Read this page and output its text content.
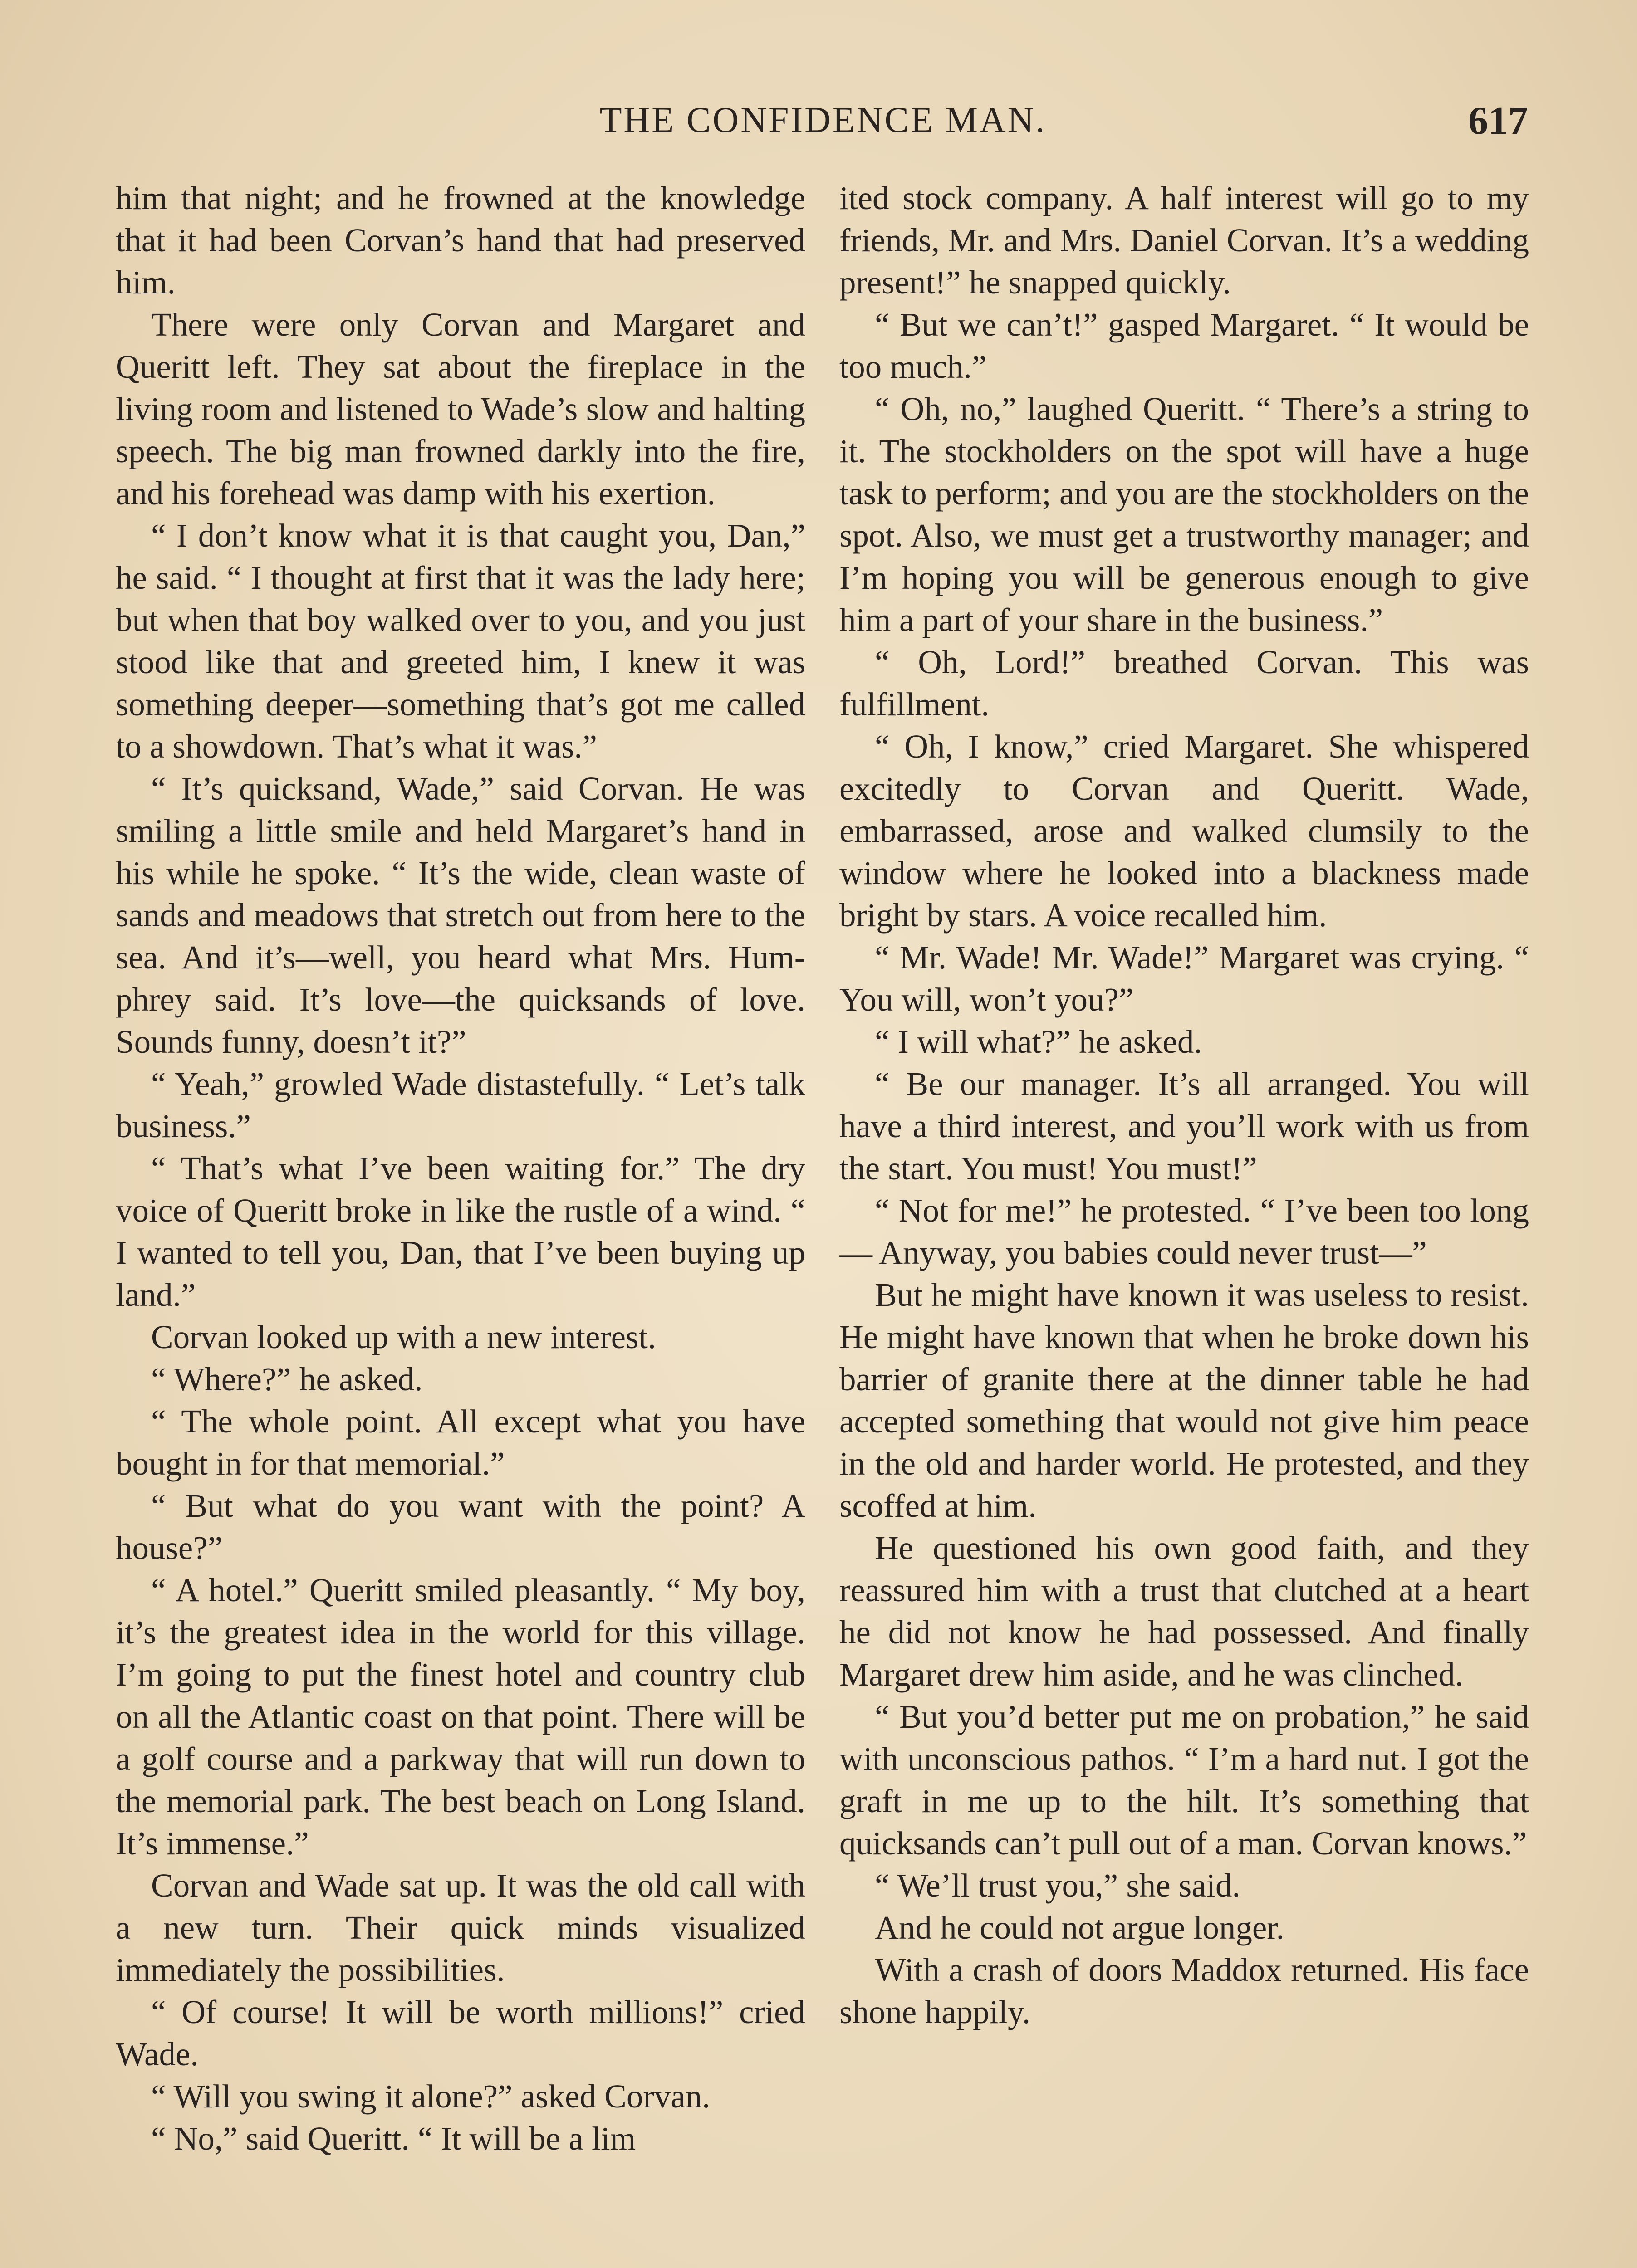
THE CONFIDENCE MAN.	617

him that night; and he frowned at the knowledge that it had been Corvan’s hand that had preserved him.

There were only Corvan and Margaret and Queritt left. They sat about the fireplace in the living room and listened to Wade’s slow and halting speech. The big man frowned darkly into the fire, and his forehead was damp with his exertion.

“ I don’t know what it is that caught you, Dan,” he said. “ I thought at first that it was the lady here; but when that boy walked over to you, and you just stood like that and greeted him, I knew it was something deeper—something that’s got me called to a showdown. That’s what it was.”

“ It’s quicksand, Wade,” said Corvan. He was smiling a little smile and held Margaret’s hand in his while he spoke. “ It’s the wide, clean waste of sands and meadows that stretch out from here to the sea. And it’s—well, you heard what Mrs. Humphrey said. It’s love—the quicksands of love. Sounds funny, doesn’t it?”

“ Yeah,” growled Wade distastefully. “ Let’s talk business.”

“ That’s what I’ve been waiting for.” The dry voice of Queritt broke in like the rustle of a wind. “ I wanted to tell you, Dan, that I’ve been buying up land.”

Corvan looked up with a new interest.

“ Where?” he asked.

“ The whole point. All except what you have bought in for that memorial.”

“ But what do you want with the point? A house?”

“ A hotel.” Queritt smiled pleasantly. “ My boy, it’s the greatest idea in the world for this village. I’m going to put the finest hotel and country club on all the Atlantic coast on that point. There will be a golf course and a parkway that will run down to the memorial park. The best beach on Long Island. It’s immense.”

Corvan and Wade sat up. It was the old call with a new turn. Their quick minds visualized immediately the possibilities.

“ Of course! It will be worth millions!” cried Wade.

“ Will you swing it alone?” asked Corvan.

“ No,” said Queritt. “ It will be a lim

ited stock company. A half interest will go to my friends, Mr. and Mrs. Daniel Corvan. It’s a wedding present!” he snapped quickly.

“ But we can’t!” gasped Margaret. “ It would be too much.”

“ Oh, no,” laughed Queritt. “ There’s a string to it. The stockholders on the spot will have a huge task to perform; and you are the stockholders on the spot. Also, we must get a trustworthy manager; and I’m hoping you will be generous enough to give him a part of your share in the business.”

“ Oh, Lord!” breathed Corvan. This was fulfillment.

“ Oh, I know,” cried Margaret. She whispered excitedly to Corvan and Queritt. Wade, embarrassed, arose and walked clumsily to the window where he looked into a blackness made bright by stars. A voice recalled him.

“ Mr. Wade! Mr. Wade!” Margaret was crying. “ You will, won’t you?”

“ I will what?” he asked.

“ Be our manager. It’s all arranged. You will have a third interest, and you’ll work with us from the start. You must! You must!”

“ Not for me!” he protested. “ I’ve been too long— Anyway, you babies could never trust—”

But he might have known it was useless to resist. He might have known that when he broke down his barrier of granite there at the dinner table he had accepted something that would not give him peace in the old and harder world. He protested, and they scoffed at him.

He questioned his own good faith, and they reassured him with a trust that clutched at a heart he did not know he had possessed. And finally Margaret drew him aside, and he was clinched.

“ But you’d better put me on probation,” he said with unconscious pathos. “ I’m a hard nut. I got the graft in me up to the hilt. It’s something that quicksands can’t pull out of a man. Corvan knows.”

“ We’ll trust you,” she said.

And he could not argue longer.

With a crash of doors Maddox returned. His face shone happily.
